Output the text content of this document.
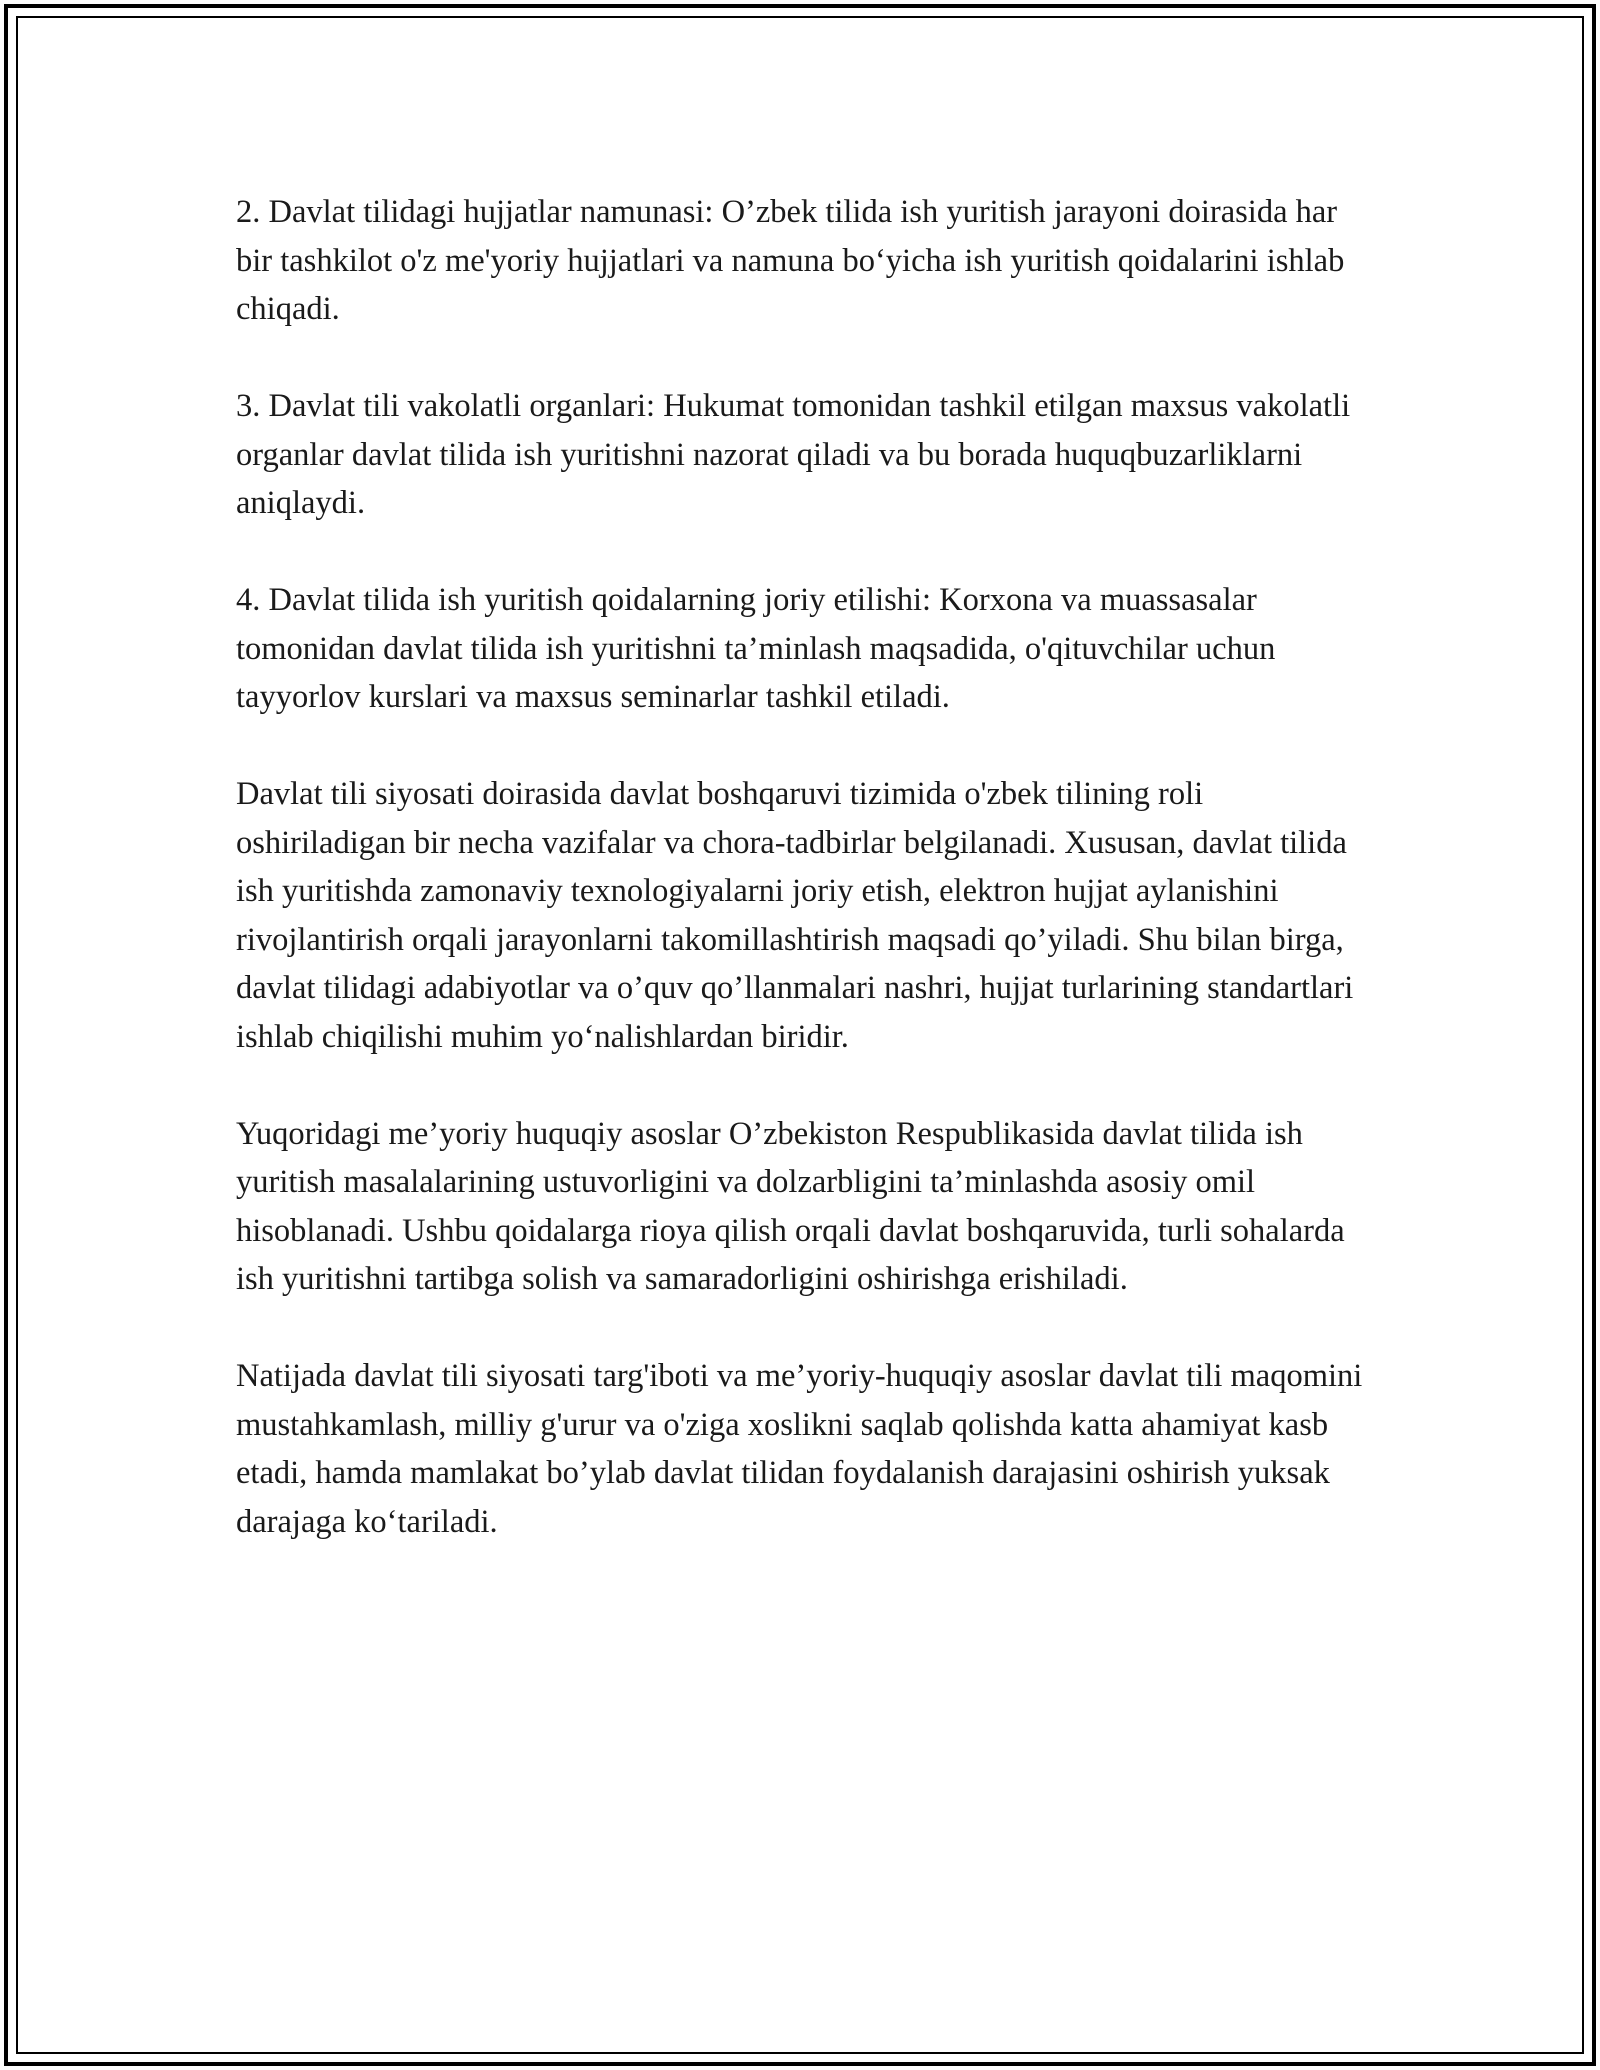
2. Davlat tilidagi hujjatlar namunasi: O’zbek tilida ish yuritish jarayoni doirasida har bir tashkilot o'z me'yoriy hujjatlari va namuna bo‘yicha ish yuritish qoidalarini ishlab chiqadi.

3. Davlat tili vakolatli organlari: Hukumat tomonidan tashkil etilgan maxsus vakolatli organlar davlat tilida ish yuritishni nazorat qiladi va bu borada huquqbuzarliklarni aniqlaydi.

4. Davlat tilida ish yuritish qoidalarning joriy etilishi: Korxona va muassasalar tomonidan davlat tilida ish yuritishni ta’minlash maqsadida, o'qituvchilar uchun tayyorlov kurslari va maxsus seminarlar tashkil etiladi.

Davlat tili siyosati doirasida davlat boshqaruvi tizimida o'zbek tilining roli oshiriladigan bir necha vazifalar va chora-tadbirlar belgilanadi. Xususan, davlat tilida ish yuritishda zamonaviy texnologiyalarni joriy etish, elektron hujjat aylanishini rivojlantirish orqali jarayonlarni takomillashtirish maqsadi qo’yiladi. Shu bilan birga, davlat tilidagi adabiyotlar va o’quv qo’llanmalari nashri, hujjat turlarining standartlari ishlab chiqilishi muhim yo‘nalishlardan biridir.

Yuqoridagi me’yoriy huquqiy asoslar O’zbekiston Respublikasida davlat tilida ish yuritish masalalarining ustuvorligini va dolzarbligini ta’minlashda asosiy omil hisoblanadi. Ushbu qoidalarga rioya qilish orqali davlat boshqaruvida, turli sohalarda ish yuritishni tartibga solish va samaradorligini oshirishga erishiladi.

Natijada davlat tili siyosati targ'iboti va me’yoriy-huquqiy asoslar davlat tili maqomini mustahkamlash, milliy g'urur va o'ziga xoslikni saqlab qolishda katta ahamiyat kasb etadi, hamda mamlakat bo’ylab davlat tilidan foydalanish darajasini oshirish yuksak darajaga ko‘tariladi.
